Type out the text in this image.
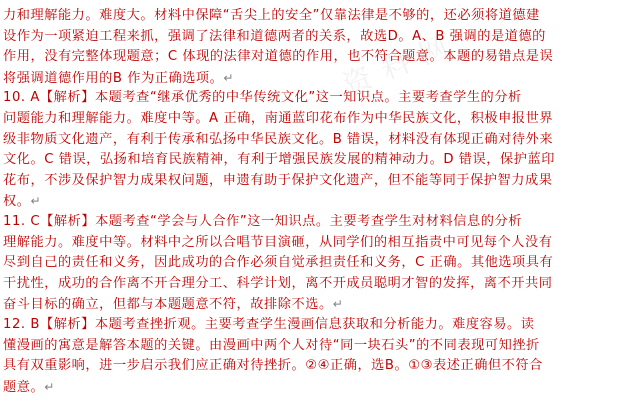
资 料 网
力和理解能力。难度大。材料中保障“舌尖上的安全”仅靠法律是不够的，还必须将道德建
设作为一项紧迫工程来抓，强调了法律和道德两者的关系，故选D。A、B 强调的是道德的
作用，没有完整体现题意；C 体现的法律对道德的作用，也不符合题意。本题的易错点是误
将强调道德作用的B 作为正确选项。↵
10. A【解析】本题考查“继承优秀的中华传统文化”这一知识点。主要考查学生的分析
问题能力和理解能力。难度中等。A 正确，南通蓝印花布作为中华民族文化，积极申报世界
级非物质文化遗产，有利于传承和弘扬中华民族文化。B 错误，材料没有体现正确对待外来
文化。C 错误，弘扬和培育民族精神，有利于增强民族发展的精神动力。D 错误，保护蓝印
花布，不涉及保护智力成果权问题，申遗有助于保护文化遗产，但不能等同于保护智力成果
权。↵
11. C【解析】本题考查“学会与人合作”这一知识点。主要考查学生对材料信息的分析
理解能力。难度中等。材料中之所以合唱节目演砸，从同学们的相互指责中可见每个人没有
尽到自己的责任和义务，因此成功的合作必须自觉承担责任和义务，C 正确。其他选项具有
干扰性，成功的合作离不开合理分工、科学计划，离不开成员聪明才智的发挥，离不开共同
奋斗目标的确立，但都与本题题意不符，故排除不选。↵
12. B【解析】本题考查挫折观。主要考查学生漫画信息获取和分析能力。难度容易。读
懂漫画的寓意是解答本题的关键。由漫画中两个人对待“同一块石头”的不同表现可知挫折
具有双重影响，进一步启示我们应正确对待挫折。②④正确，选B。①③表述正确但不符合
题意。↵
